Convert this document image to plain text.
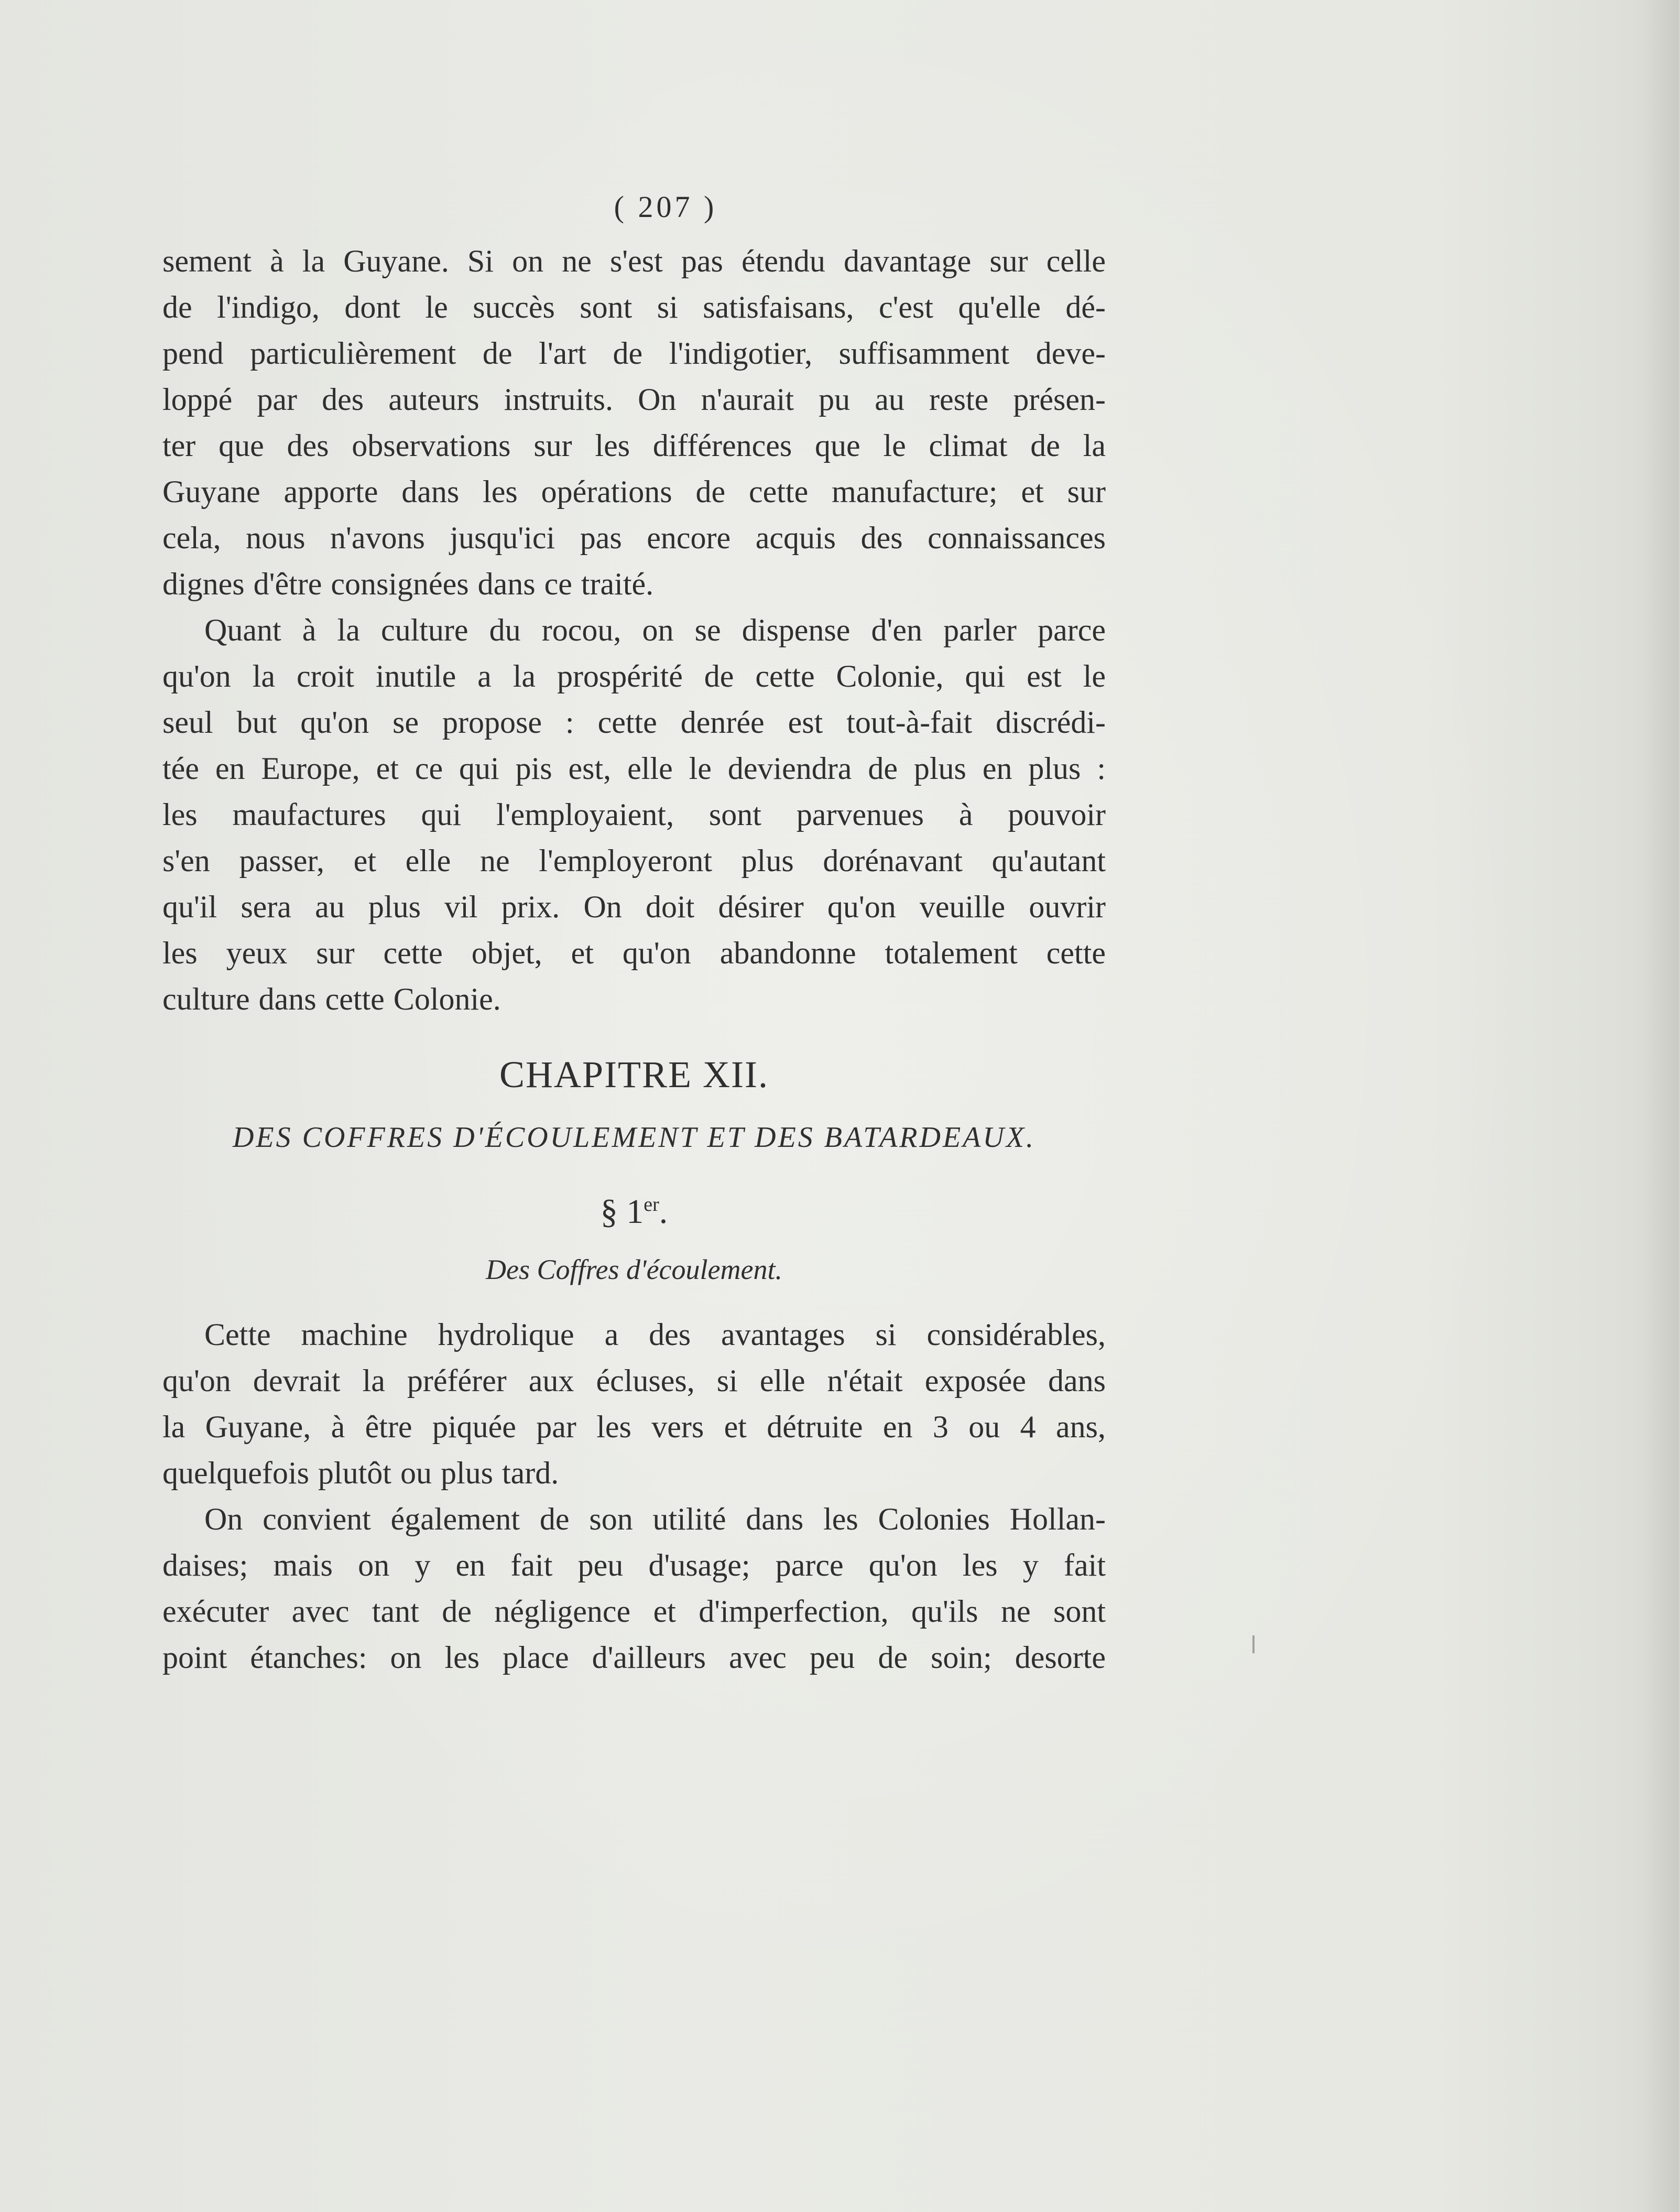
( 207 )
sement à la Guyane. Si on ne s'est pas étendu davantage sur celle
de l'indigo, dont le succès sont si satisfaisans, c'est qu'elle dé-
pend particulièrement de l'art de l'indigotier, suffisamment deve-
loppé par des auteurs instruits. On n'aurait pu au reste présen-
ter que des observations sur les différences que le climat de la
Guyane apporte dans les opérations de cette manufacture; et sur
cela, nous n'avons jusqu'ici pas encore acquis des connaissances
dignes d'être consignées dans ce traité.
Quant à la culture du rocou, on se dispense d'en parler parce
qu'on la croit inutile a la prospérité de cette Colonie, qui est le
seul but qu'on se propose : cette denrée est tout-à-fait discrédi-
tée en Europe, et ce qui pis est, elle le deviendra de plus en plus :
les maufactures qui l'employaient, sont parvenues à pouvoir
s'en passer, et elle ne l'employeront plus dorénavant qu'autant
qu'il sera au plus vil prix. On doit désirer qu'on veuille ouvrir
les yeux sur cette objet, et qu'on abandonne totalement cette
culture dans cette Colonie.
CHAPITRE XII.
DES COFFRES D'ÉCOULEMENT ET DES BATARDEAUX.
§ 1er.
Des Coffres d'écoulement.
Cette machine hydrolique a des avantages si considérables,
qu'on devrait la préférer aux écluses, si elle n'était exposée dans
la Guyane, à être piquée par les vers et détruite en 3 ou 4 ans,
quelquefois plutôt ou plus tard.
On convient également de son utilité dans les Colonies Hollan-
daises; mais on y en fait peu d'usage; parce qu'on les y fait
exécuter avec tant de négligence et d'imperfection, qu'ils ne sont
point étanches: on les place d'ailleurs avec peu de soin; desorte
